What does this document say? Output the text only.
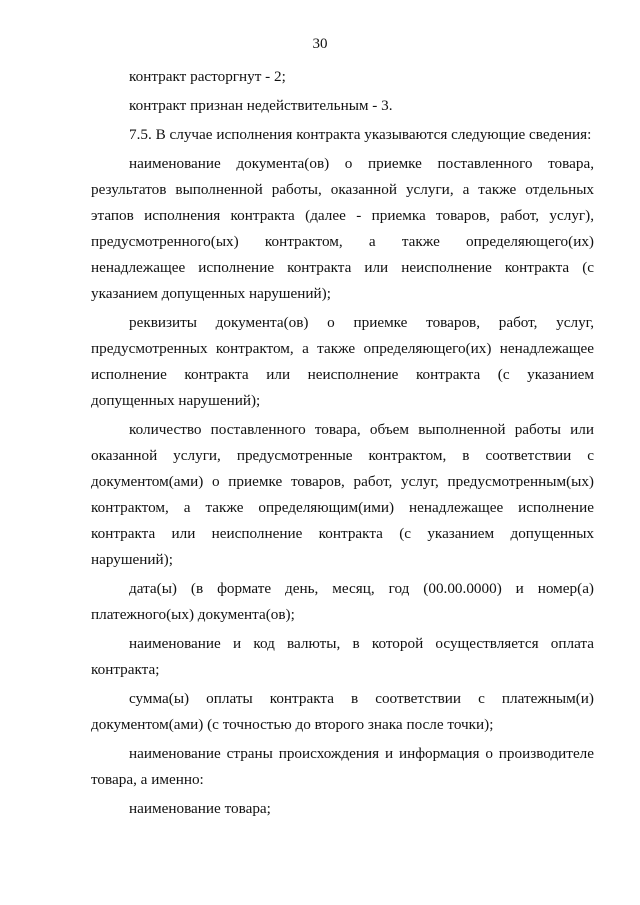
30

контракт расторгнут - 2;

контракт признан недействительным - 3.

7.5. В случае исполнения контракта указываются следующие сведения:

наименование документа(ов) о приемке поставленного товара, результатов выполненной работы, оказанной услуги, а также отдельных этапов исполнения контракта (далее - приемка товаров, работ, услуг), предусмотренного(ых) контрактом, а также определяющего(их) ненадлежащее исполнение контракта или неисполнение контракта (с указанием допущенных нарушений);

реквизиты документа(ов) о приемке товаров, работ, услуг, предусмотренных контрактом, а также определяющего(их) ненадлежащее исполнение контракта или неисполнение контракта (с указанием допущенных нарушений);

количество поставленного товара, объем выполненной работы или оказанной услуги, предусмотренные контрактом, в соответствии с документом(ами) о приемке товаров, работ, услуг, предусмотренным(ых) контрактом, а также определяющим(ими) ненадлежащее исполнение контракта или неисполнение контракта (с указанием допущенных нарушений);

дата(ы) (в формате день, месяц, год (00.00.0000) и номер(а) платежного(ых) документа(ов);

наименование и код валюты, в которой осуществляется оплата контракта;

сумма(ы) оплаты контракта в соответствии с платежным(и) документом(ами) (с точностью до второго знака после точки);

наименование страны происхождения и информация о производителе товара, а именно:

наименование товара;
